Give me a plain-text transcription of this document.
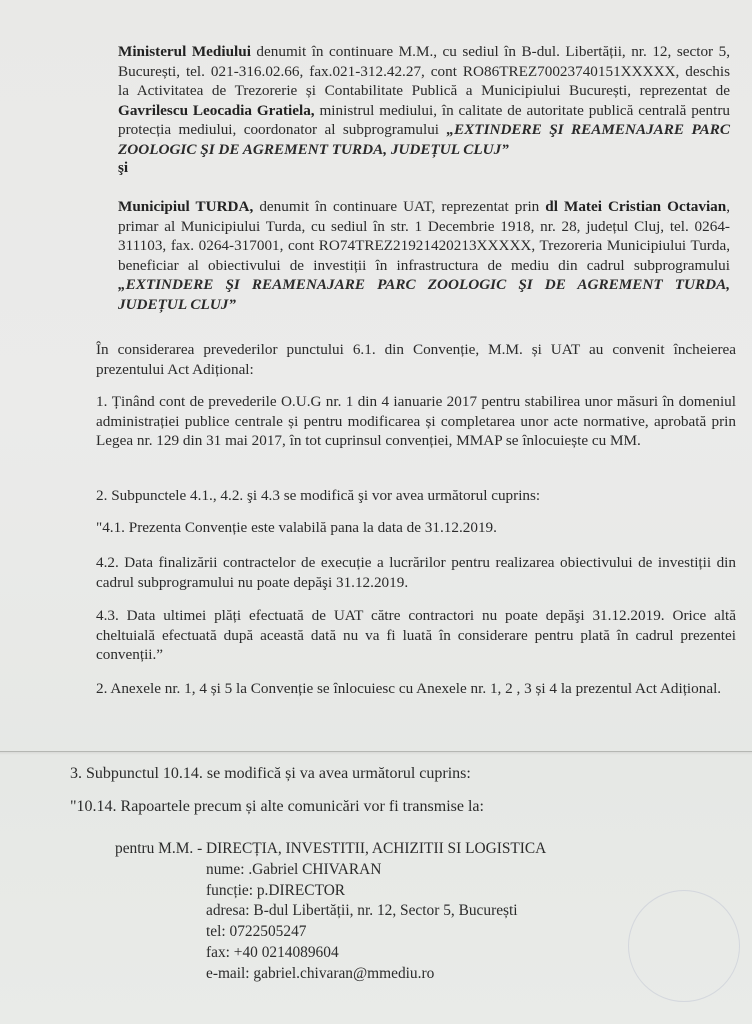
Ministerul Mediului denumit în continuare M.M., cu sediul în B-dul. Libertății, nr. 12, sector 5, București, tel. 021-316.02.66, fax.021-312.42.27, cont RO86TREZ70023740151XXXXX, deschis la Activitatea de Trezorerie și Contabilitate Publică a Municipiului București, reprezentat de Gavrilescu Leocadia Gratiela, ministrul mediului, în calitate de autoritate publică centrală pentru protecția mediului, coordonator al subprogramului „EXTINDERE ŞI REAMENAJARE PARC ZOOLOGIC ŞI DE AGREMENT TURDA, JUDEȚUL CLUJ”
şi
Municipiul TURDA, denumit în continuare UAT, reprezentat prin dl Matei Cristian Octavian, primar al Municipiului Turda, cu sediul în str. 1 Decembrie 1918, nr. 28, județul Cluj, tel. 0264-311103, fax. 0264-317001, cont RO74TREZ21921420213XXXXX, Trezoreria Municipiului Turda, beneficiar al obiectivului de investiții în infrastructura de mediu din cadrul subprogramului „EXTINDERE ŞI REAMENAJARE PARC ZOOLOGIC ŞI DE AGREMENT TURDA, JUDEȚUL CLUJ”
În considerarea prevederilor punctului 6.1. din Convenție, M.M. și UAT au convenit încheierea prezentului Act Adițional:
1. Ținând cont de prevederile O.U.G nr. 1 din 4 ianuarie 2017 pentru stabilirea unor măsuri în domeniul administrației publice centrale și pentru modificarea și completarea unor acte normative, aprobată prin Legea nr. 129 din 31 mai 2017, în tot cuprinsul convenției, MMAP se înlocuiește cu MM.
2. Subpunctele 4.1., 4.2. şi 4.3 se modifică şi vor avea următorul cuprins:
"4.1. Prezenta Convenție este valabilă pana la data de 31.12.2019.
4.2. Data finalizării contractelor de execuție a lucrărilor pentru realizarea obiectivului de investiții din cadrul subprogramului nu poate depăşi 31.12.2019.
4.3. Data ultimei plăți efectuată de UAT către contractori nu poate depăşi 31.12.2019. Orice altă cheltuială efectuată după această dată nu va fi luată în considerare pentru plată în cadrul prezentei convenții.”
2. Anexele nr. 1, 4 și 5 la Convenție se înlocuiesc cu Anexele nr. 1, 2 , 3 și 4 la prezentul Act Adițional.
3. Subpunctul 10.14. se modifică și va avea următorul cuprins:
"10.14. Rapoartele precum și alte comunicări vor fi transmise la:
pentru M.M. - DIRECȚIA, INVESTITII, ACHIZITII SI LOGISTICA
nume: .Gabriel CHIVARAN
funcție: p.DIRECTOR
adresa: B-dul Libertății, nr. 12, Sector 5, București
tel: 0722505247
fax: +40 0214089604
e-mail: gabriel.chivaran@mmediu.ro
